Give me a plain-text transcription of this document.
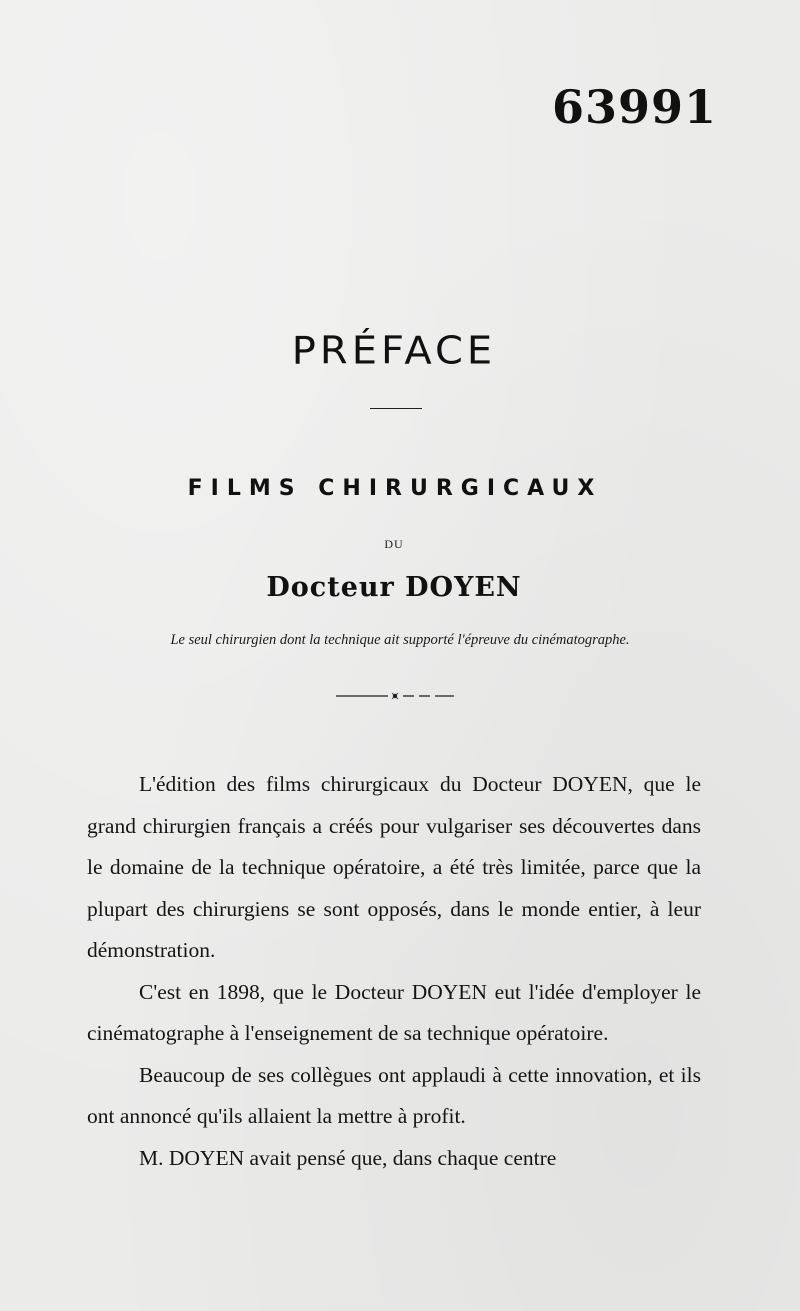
63991
PRÉFACE
FILMS CHIRURGICAUX
DU
Docteur DOYEN
Le seul chirurgien dont la technique ait supporté l'épreuve du cinématographe.

L'édition des films chirurgicaux du Docteur DOYEN, que le grand chirurgien français a créés pour vulgariser ses découvertes dans le domaine de la technique opératoire, a été très limitée, parce que la plupart des chirurgiens se sont opposés, dans le monde entier, à leur démonstration.

C'est en 1898, que le Docteur DOYEN eut l'idée d'employer le cinématographe à l'enseignement de sa technique opératoire.

Beaucoup de ses collègues ont applaudi à cette innovation, et ils ont annoncé qu'ils allaient la mettre à profit.

M. DOYEN avait pensé que, dans chaque centre
